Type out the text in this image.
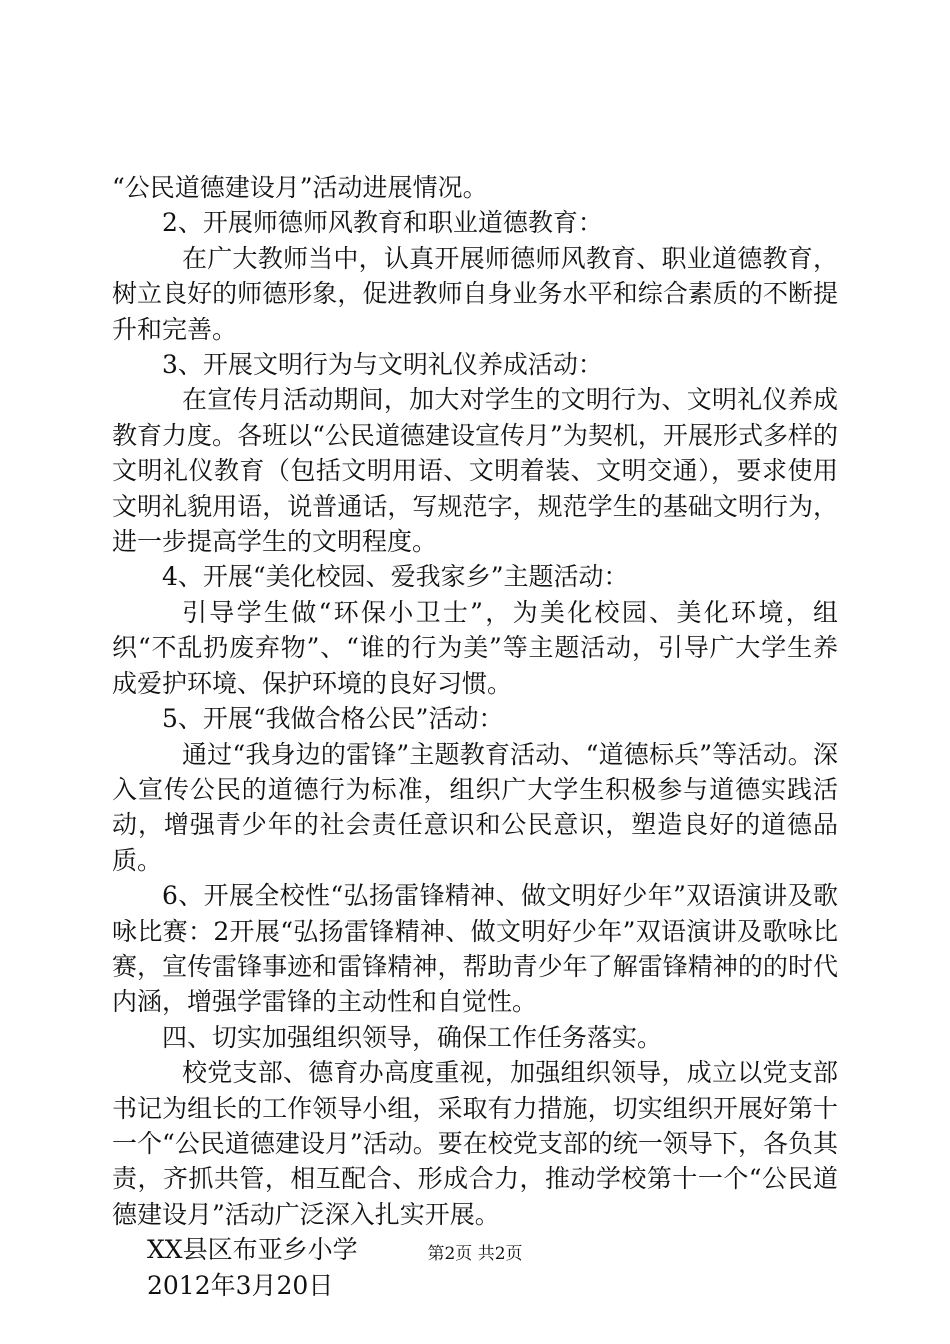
“公民道德建设月”活动进展情况。

2、开展师德师风教育和职业道德教育：

在广大教师当中，认真开展师德师风教育、职业道德教育，树立良好的师德形象，促进教师自身业务水平和综合素质的不断提升和完善。

3、开展文明行为与文明礼仪养成活动：

在宣传月活动期间，加大对学生的文明行为、文明礼仪养成教育力度。各班以“公民道德建设宣传月”为契机，开展形式多样的文明礼仪教育（包括文明用语、文明着装、文明交通），要求使用文明礼貌用语，说普通话，写规范字，规范学生的基础文明行为，进一步提高学生的文明程度。

4、开展“美化校园、爱我家乡”主题活动：

引导学生做“环保小卫士”，为美化校园、美化环境，组织“不乱扔废弃物”、“谁的行为美”等主题活动，引导广大学生养成爱护环境、保护环境的良好习惯。

5、开展“我做合格公民”活动：

通过“我身边的雷锋”主题教育活动、“道德标兵”等活动。深入宣传公民的道德行为标准，组织广大学生积极参与道德实践活动，增强青少年的社会责任意识和公民意识，塑造良好的道德品质。

6、开展全校性“弘扬雷锋精神、做文明好少年”双语演讲及歌咏比赛：2开展“弘扬雷锋精神、做文明好少年”双语演讲及歌咏比赛，宣传雷锋事迹和雷锋精神，帮助青少年了解雷锋精神的的时代内涵，增强学雷锋的主动性和自觉性。

四、切实加强组织领导，确保工作任务落实。

校党支部、德育办高度重视，加强组织领导，成立以党支部书记为组长的工作领导小组，采取有力措施，切实组织开展好第十一个“公民道德建设月”活动。要在校党支部的统一领导下，各负其责，齐抓共管，相互配合、形成合力，推动学校第十一个“公民道德建设月”活动广泛深入扎实开展。

XX县区布亚乡小学

2012年3月20日

第2页 共2页
